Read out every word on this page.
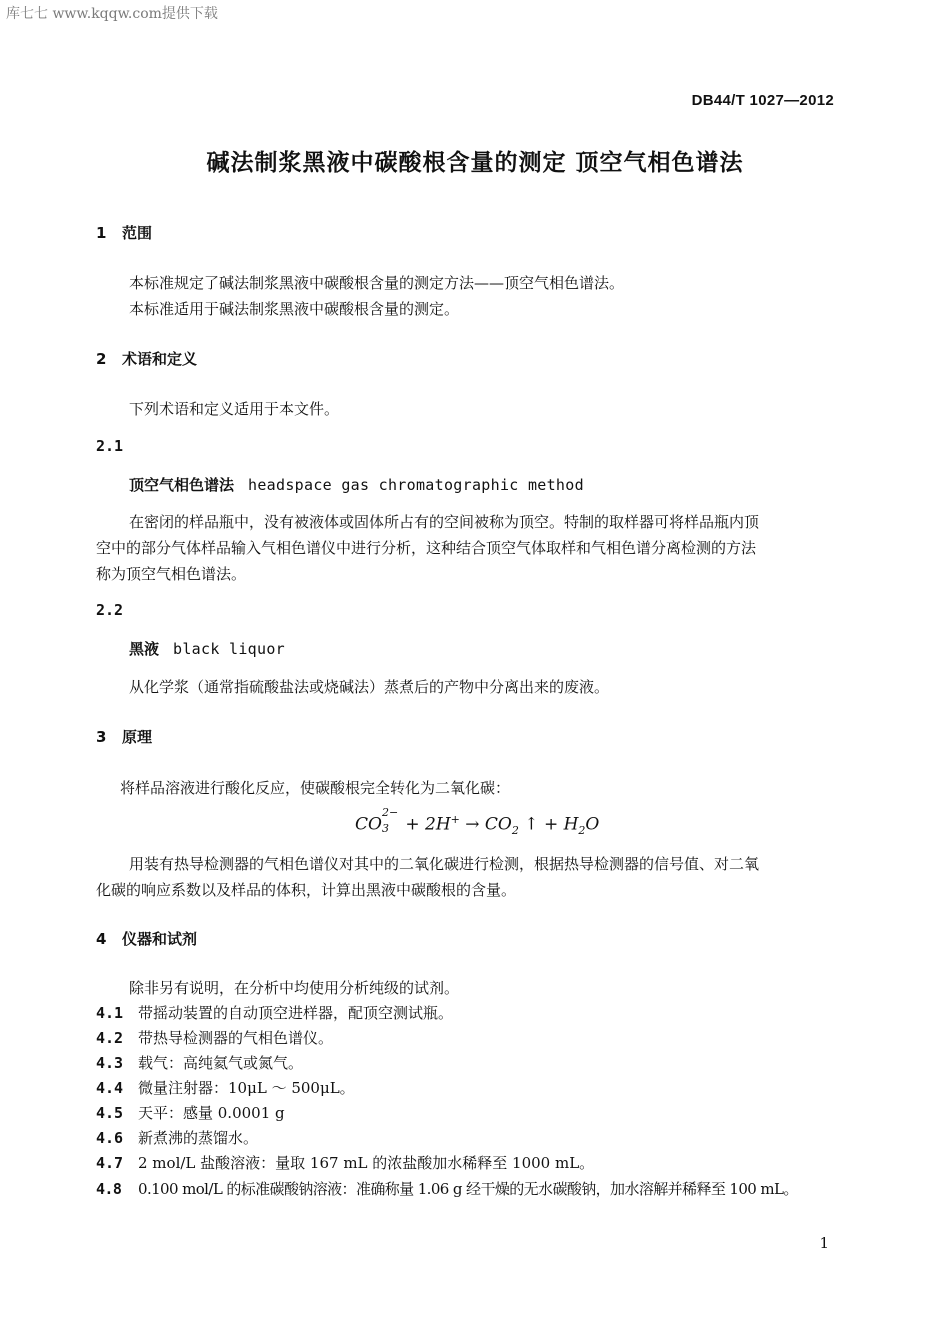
库七七 www.kqqw.com提供下载
DB44/T 1027—2012
碱法制浆黑液中碳酸根含量的测定 顶空气相色谱法
1 范围
本标准规定了碱法制浆黑液中碳酸根含量的测定方法——顶空气相色谱法。
本标准适用于碱法制浆黑液中碳酸根含量的测定。
2 术语和定义
下列术语和定义适用于本文件。
2.1
顶空气相色谱法 headspace gas chromatographic method
在密闭的样品瓶中，没有被液体或固体所占有的空间被称为顶空。特制的取样器可将样品瓶内顶
空中的部分气体样品输入气相色谱仪中进行分析，这种结合顶空气体取样和气相色谱分离检测的方法
称为顶空气相色谱法。
2.2
黑液 black liquor
从化学浆（通常指硫酸盐法或烧碱法）蒸煮后的产物中分离出来的废液。
3 原理
将样品溶液进行酸化反应，使碳酸根完全转化为二氧化碳：
CO
2−
$3 + 2H^+ \to CO_2$ ↑ + $H_2O$
用装有热导检测器的气相色谱仪对其中的二氧化碳进行检测，根据热导检测器的信号值、对二氧
化碳的响应系数以及样品的体积，计算出黑液中碳酸根的含量。
4 仪器和试剂
除非另有说明，在分析中均使用分析纯级的试剂。
4.1 带摇动装置的自动顶空进样器，配顶空测试瓶。
4.2 带热导检测器的气相色谱仪。
4.3 载气：高纯氦气或氮气。
4.4 微量注射器：10μL ～ 500μL。
4.5 天平：感量 0.0001 g
4.6 新煮沸的蒸馏水。
4.7 2 mol/L 盐酸溶液：量取 167 mL 的浓盐酸加水稀释至 1000 mL。
4.8 0.100 mol/L 的标准碳酸钠溶液：准确称量 1.06 g 经干燥的无水碳酸钠，加水溶解并稀释至 100 mL。
1
